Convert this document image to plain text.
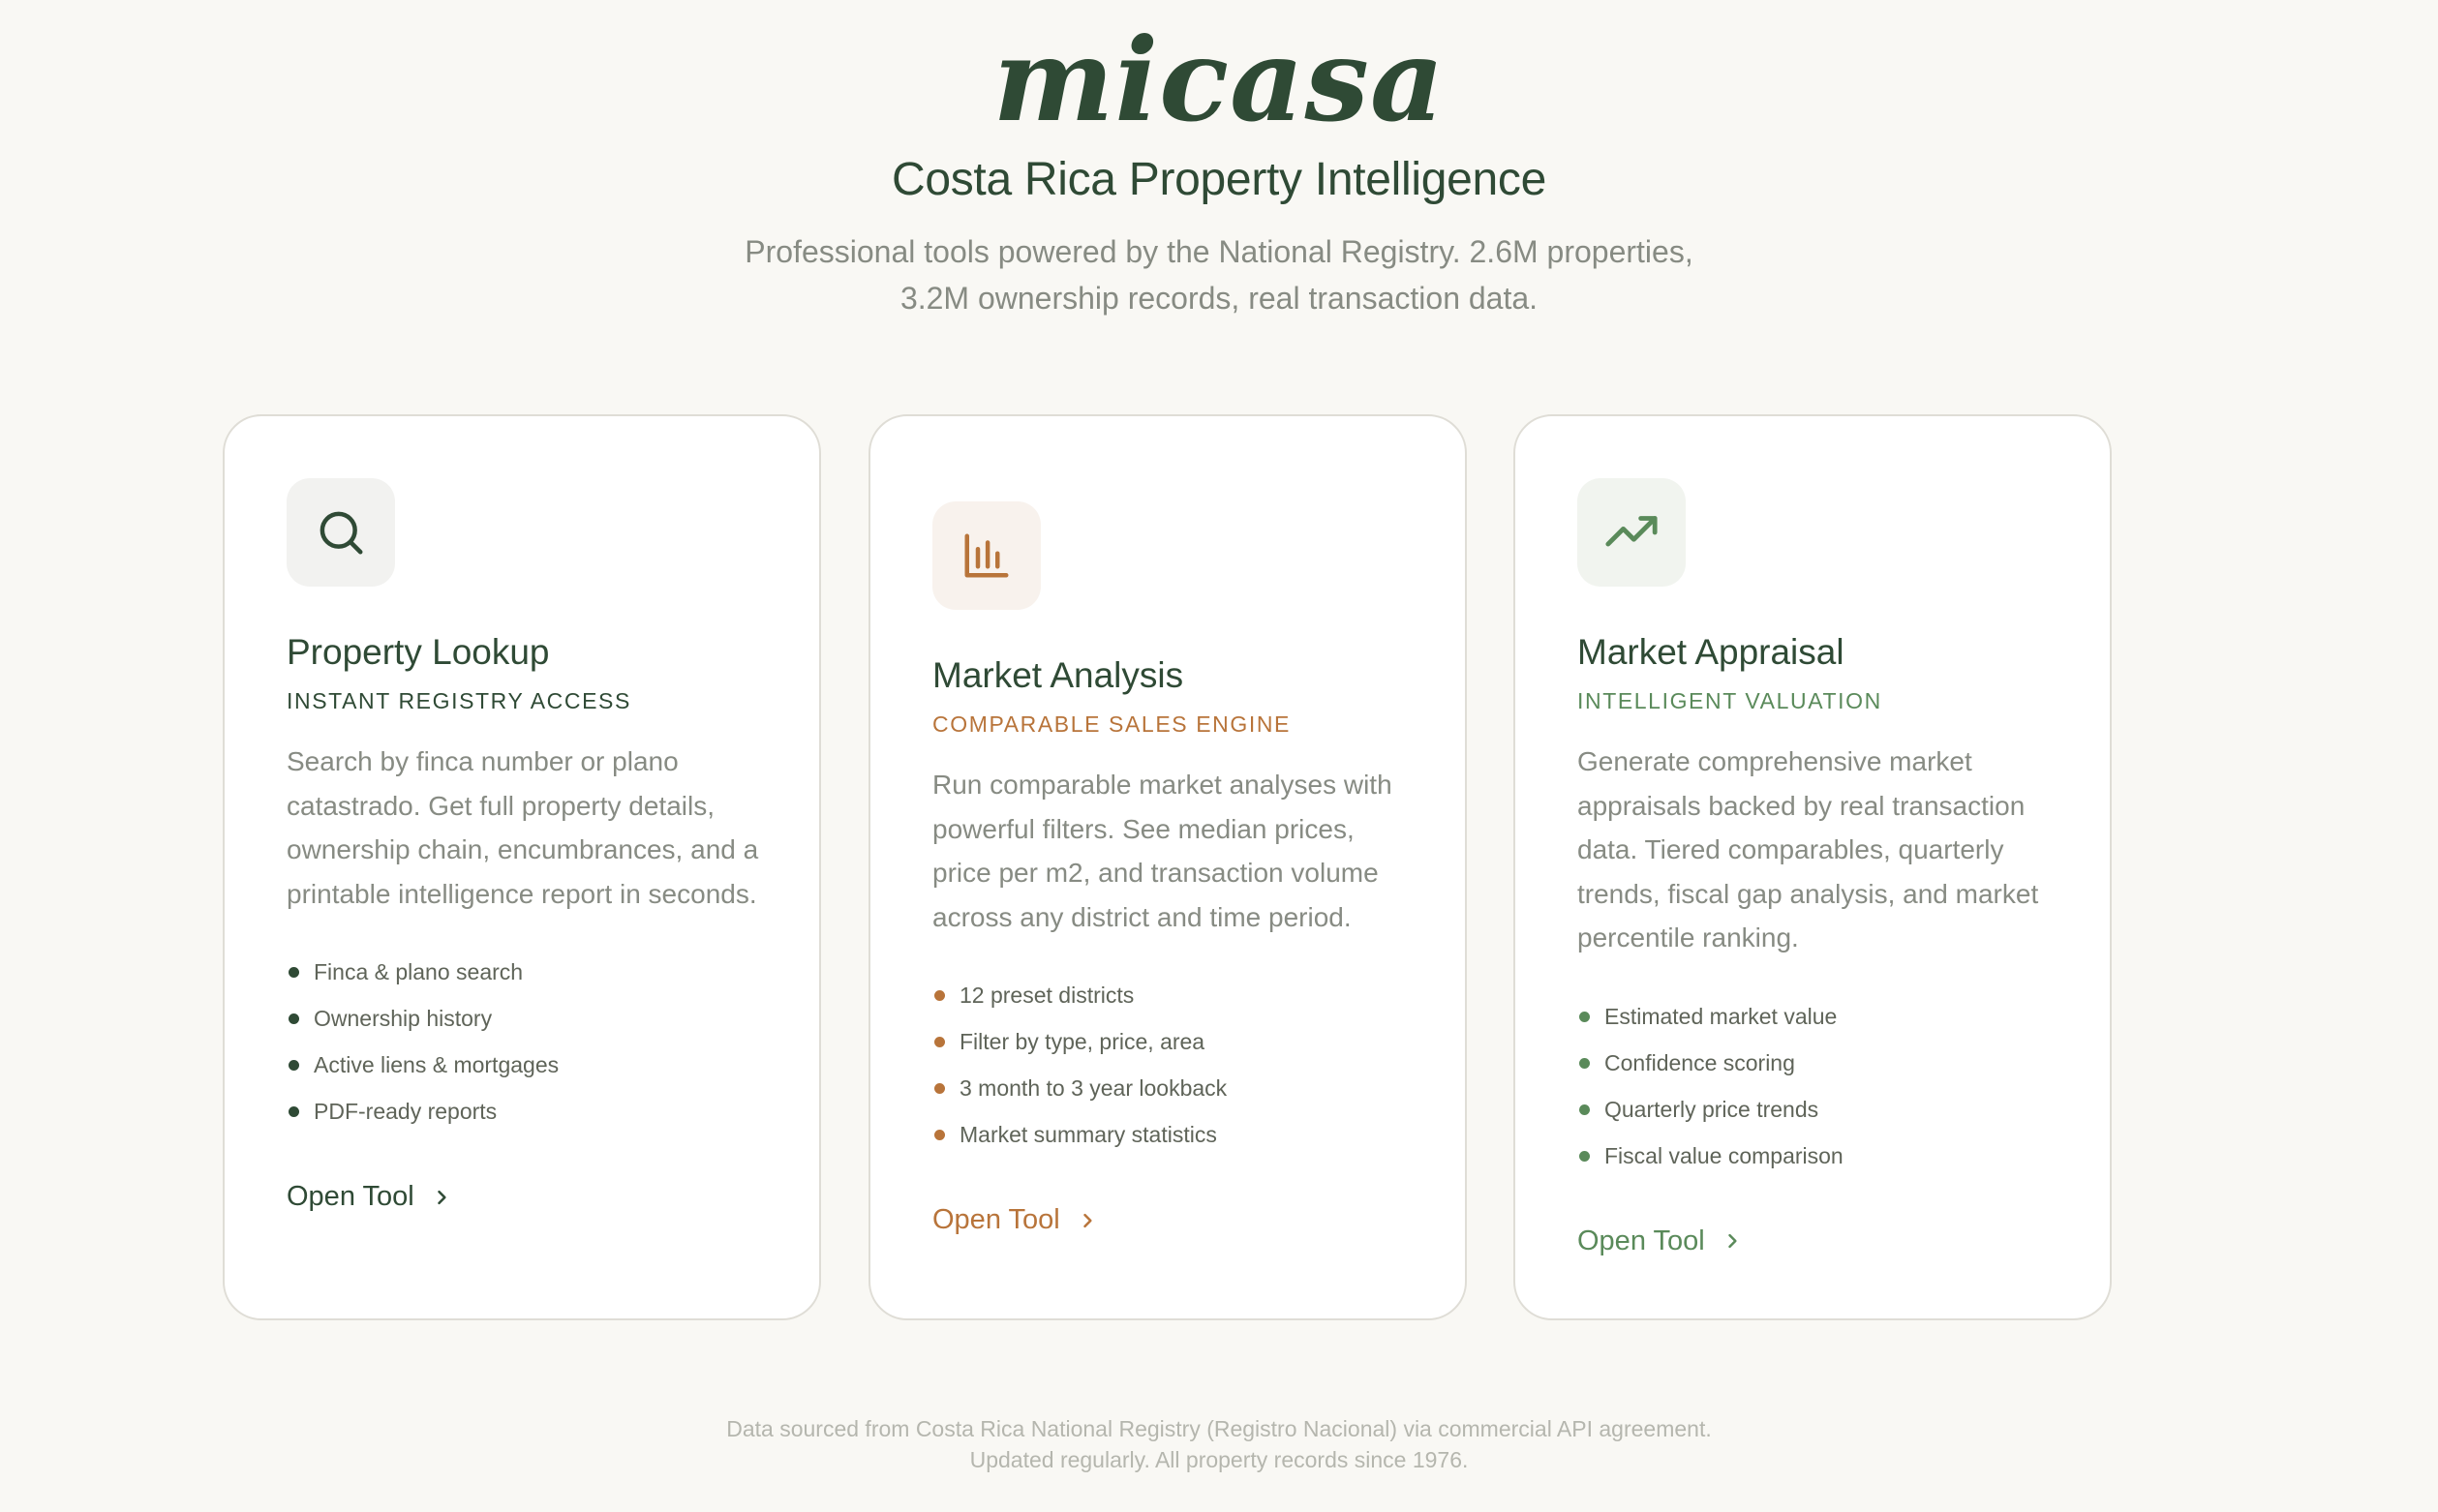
micasa
Costa Rica Property Intelligence

Professional tools powered by the National Registry. 2.6M properties,
3.2M ownership records, real transaction data.

Property Lookup
INSTANT REGISTRY ACCESS

Search by finca number or plano catastrado. Get full property details, ownership chain, encumbrances, and a printable intelligence report in seconds.

Finca & plano search
Ownership history
Active liens & mortgages
PDF-ready reports
Open Tool
Market Analysis
COMPARABLE SALES ENGINE

Run comparable market analyses with powerful filters. See median prices, price per m2, and transaction volume across any district and time period.

12 preset districts
Filter by type, price, area
3 month to 3 year lookback
Market summary statistics
Open Tool
Market Appraisal
INTELLIGENT VALUATION

Generate comprehensive market appraisals backed by real transaction data. Tiered comparables, quarterly trends, fiscal gap analysis, and market percentile ranking.

Estimated market value
Confidence scoring
Quarterly price trends
Fiscal value comparison
Open Tool
Data sourced from Costa Rica National Registry (Registro Nacional) via commercial API agreement.
Updated regularly. All property records since 1976.
